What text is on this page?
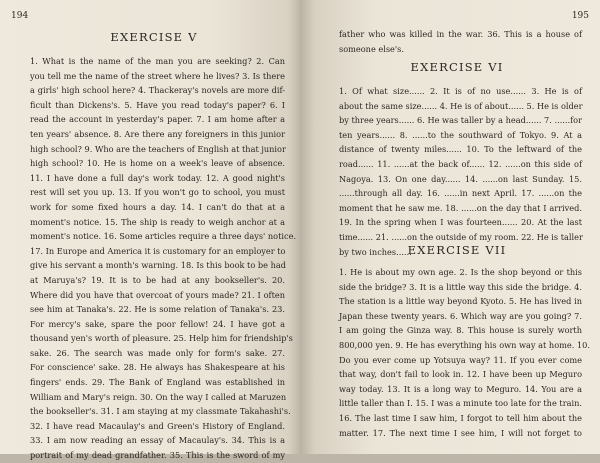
194
EXERCISE V
1. What is the name of the man you are seeking? 2. Can
you tell me the name of the street where he lives? 3. Is there
a girls' high school here? 4. Thackeray's novels are more dif-
ficult than Dickens's. 5. Have you read today's paper? 6. I
read the account in yesterday's paper. 7. I am home after a
ten years' absence. 8. Are there any foreigners in this junior
high school? 9. Who are the teachers of English at that junior
high school? 10. He is home on a week's leave of absence.
11. I have done a full day's work today. 12. A good night's
rest will set you up. 13. If you won't go to school, you must
work for some fixed hours a day. 14. I can't do that at a
moment's notice. 15. The ship is ready to weigh anchor at a
moment's notice. 16. Some articles require a three days' notice.
17. In Europe and America it is customary for an employer to
give his servant a month's warning. 18. Is this book to be had
at Maruya's? 19. It is to be had at any bookseller's. 20.
Where did you have that overcoat of yours made? 21. I often
see him at Tanaka's. 22. He is some relation of Tanaka's. 23.
For mercy's sake, spare the poor fellow! 24. I have got a
thousand yen's worth of pleasure. 25. Help him for friendship's
sake. 26. The search was made only for form's sake. 27.
For conscience' sake. 28. He always has Shakespeare at his
fingers' ends. 29. The Bank of England was established in
William and Mary's reign. 30. On the way I called at Maruzen
the bookseller's. 31. I am staying at my classmate Takahashi's.
32. I have read Macaulay's and Green's History of England.
33. I am now reading an essay of Macaulay's. 34. This is a
portrait of my dead grandfather. 35. This is the sword of my
195
father who was killed in the war. 36. This is a house of
someone else's.
EXERCISE VI
1. Of what size...... 2. It is of no use...... 3. He is of
about the same size...... 4. He is of about...... 5. He is older
by three years...... 6. He was taller by a head...... 7. ......for
ten years...... 8. ......to the southward of Tokyo. 9. At a
distance of twenty miles...... 10. To the leftward of the
road...... 11. ......at the back of...... 12. ......on this side of
Nagoya. 13. On one day...... 14. ......on last Sunday. 15.
......through all day. 16. ......in next April. 17. ......on the
moment that he saw me. 18. ......on the day that I arrived.
19. In the spring when I was fourteen...... 20. At the last
time...... 21. ......on the outside of my room. 22. He is taller
by two inches......
EXERCISE VII
1. He is about my own age. 2. Is the shop beyond or this
side the bridge? 3. It is a little way this side the bridge. 4.
The station is a little way beyond Kyoto. 5. He has lived in
Japan these twenty years. 6. Which way are you going? 7.
I am going the Ginza way. 8. This house is surely worth
800,000 yen. 9. He has everything his own way at home. 10.
Do you ever come up Yotsuya way? 11. If you ever come
that way, don't fail to look in. 12. I have been up Meguro
way today. 13. It is a long way to Meguro. 14. You are a
little taller than I. 15. I was a minute too late for the train.
16. The last time I saw him, I forgot to tell him about the
matter. 17. The next time I see him, I will not forget to
